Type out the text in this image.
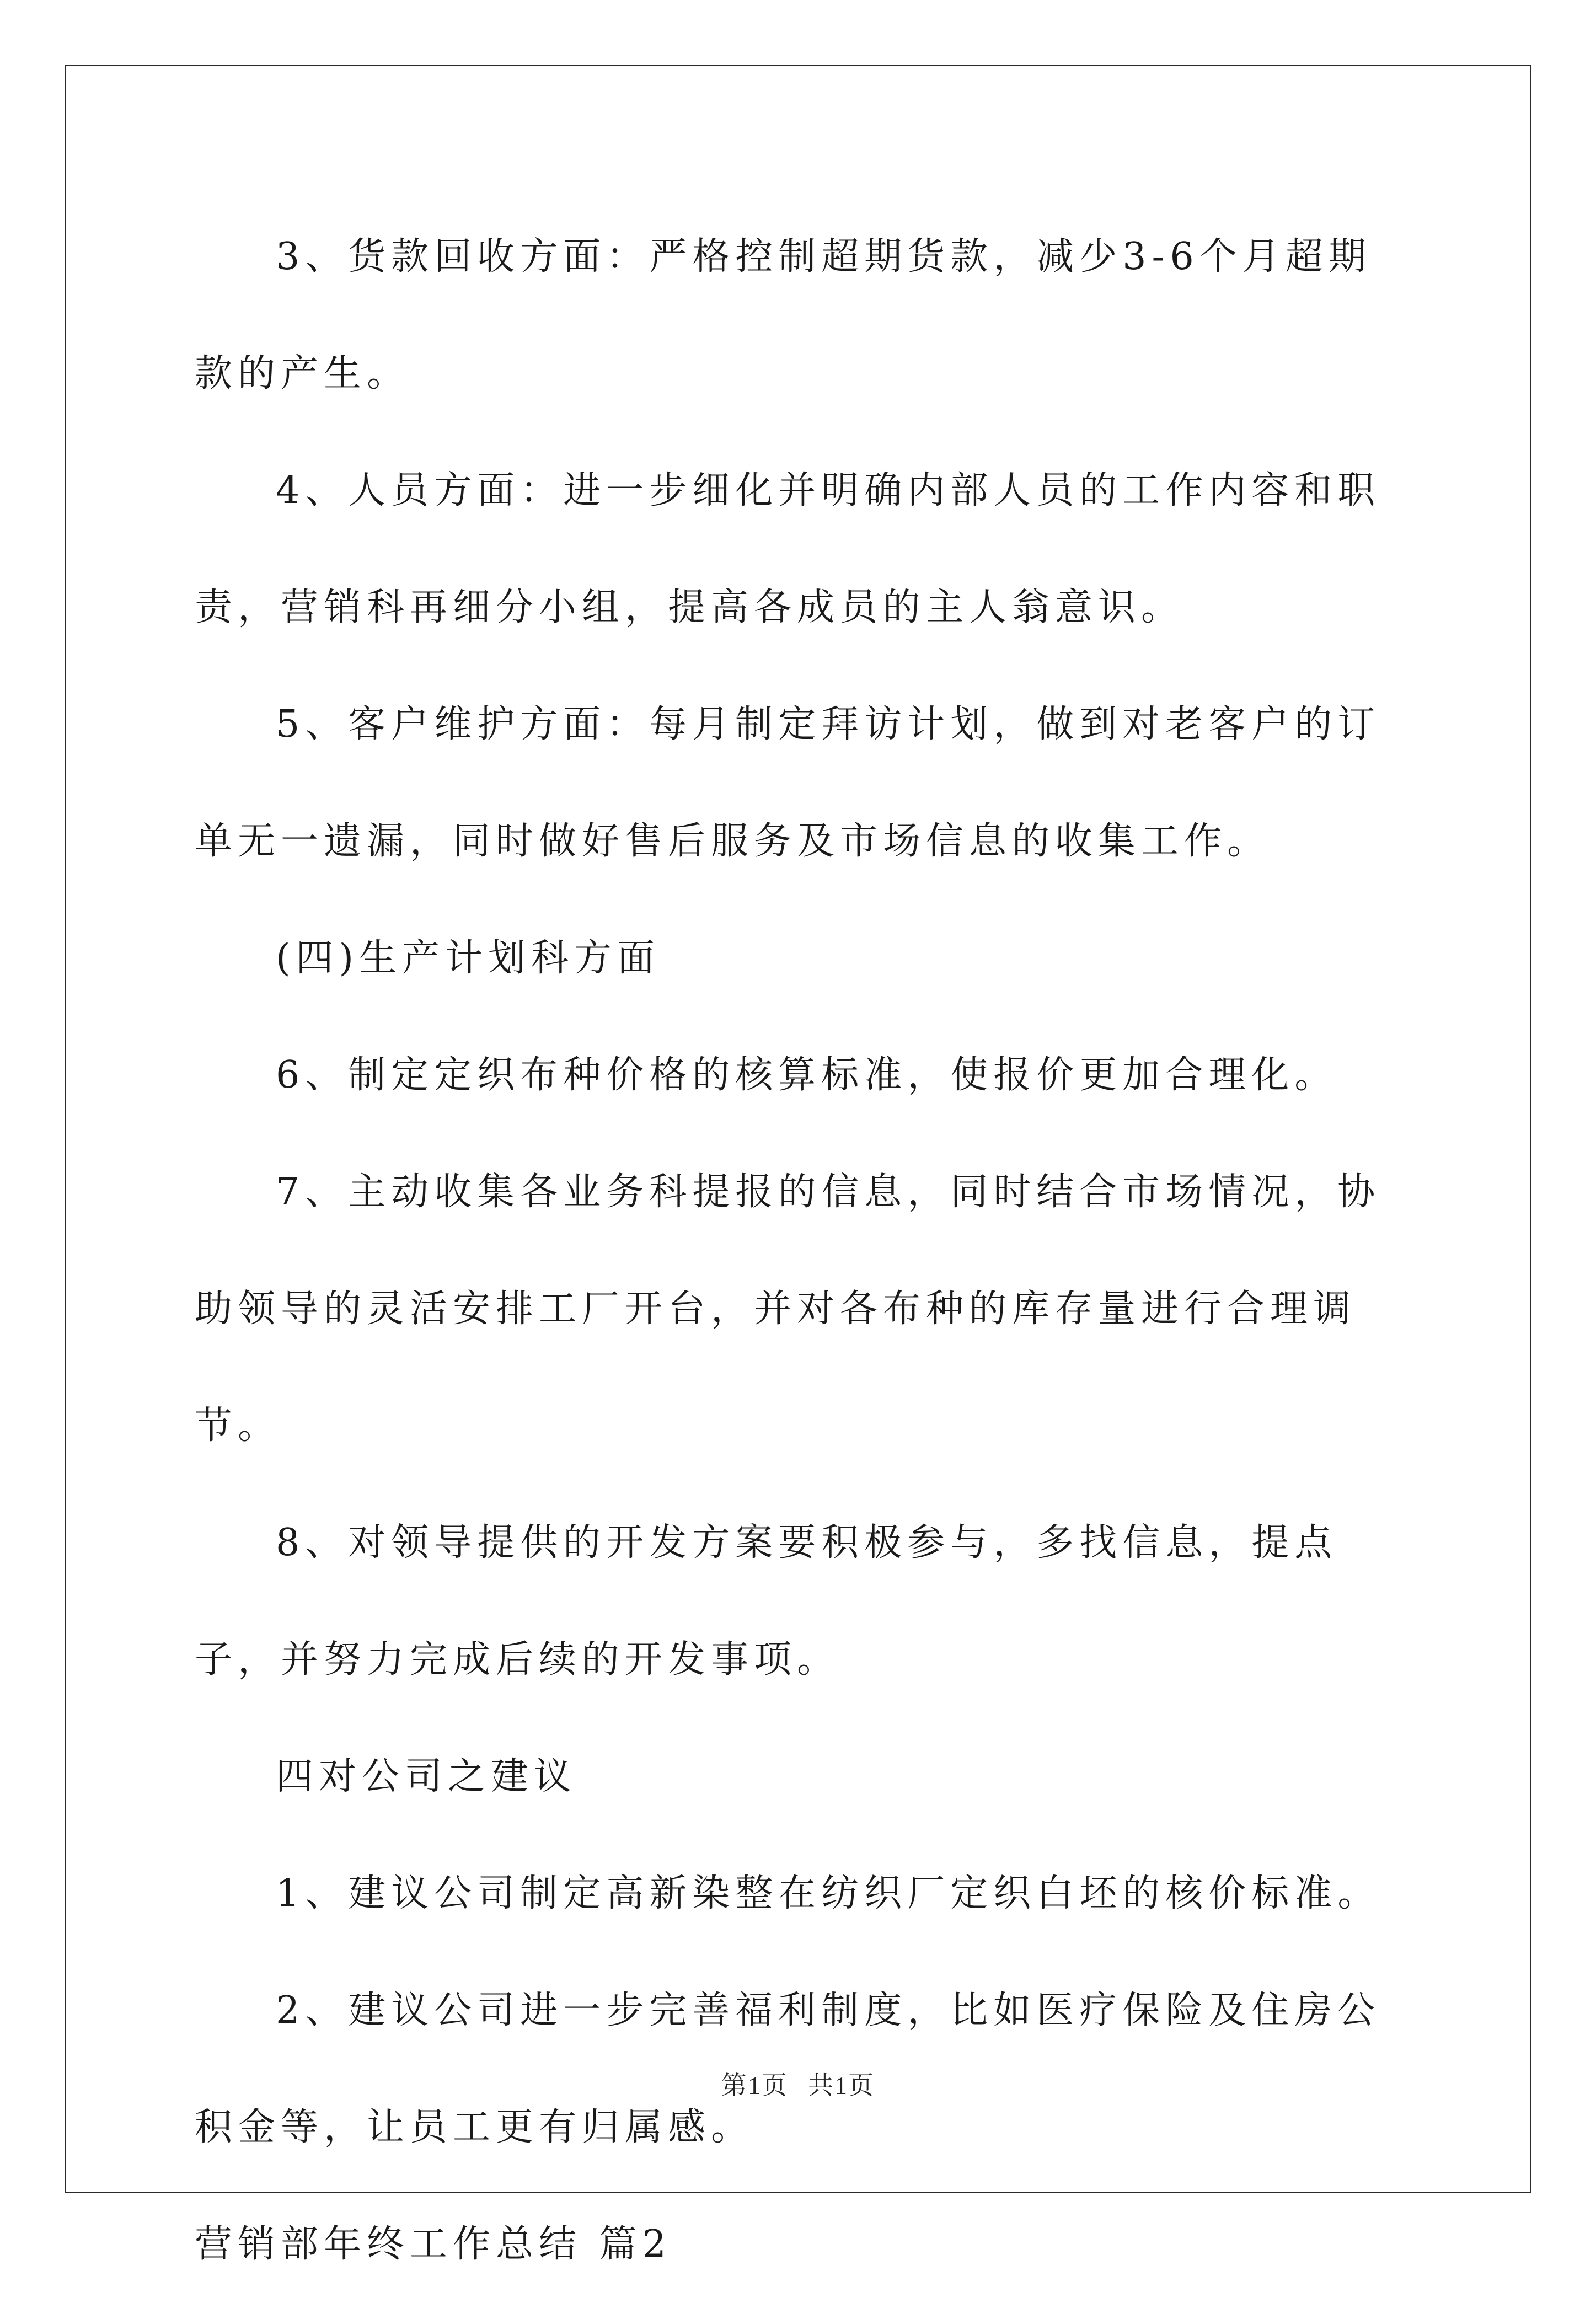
3、货款回收方面：严格控制超期货款，减少3-6个月超期款的产生。

4、人员方面：进一步细化并明确内部人员的工作内容和职责，营销科再细分小组，提高各成员的主人翁意识。

5、客户维护方面：每月制定拜访计划，做到对老客户的订单无一遗漏，同时做好售后服务及市场信息的收集工作。

(四)生产计划科方面

6、制定定织布种价格的核算标准，使报价更加合理化。

7、主动收集各业务科提报的信息，同时结合市场情况，协助领导的灵活安排工厂开台，并对各布种的库存量进行合理调节。

8、对领导提供的开发方案要积极参与，多找信息，提点子，并努力完成后续的开发事项。

四对公司之建议

1、建议公司制定高新染整在纺织厂定织白坯的核价标准。

2、建议公司进一步完善福利制度，比如医疗保险及住房公积金等，让员工更有归属感。

营销部年终工作总结 篇2

第1页 共1页
